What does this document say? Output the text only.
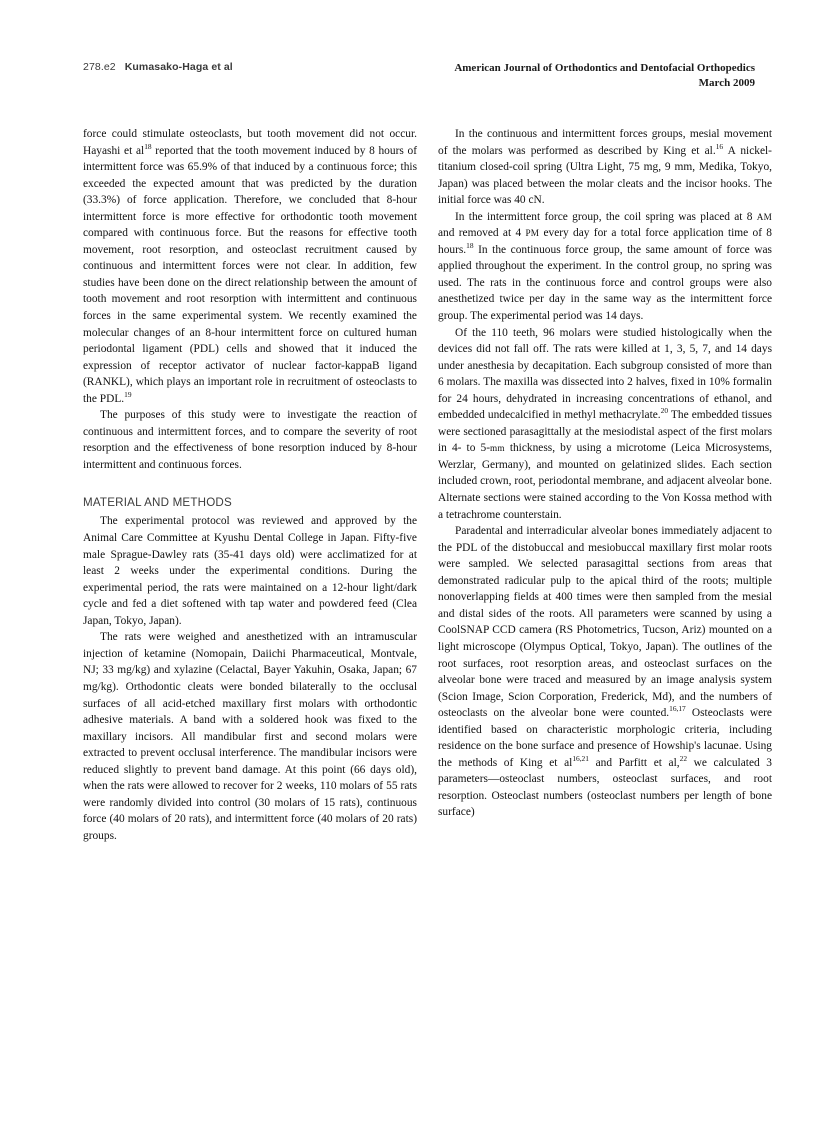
278.e2 Kumasako-Haga et al	American Journal of Orthodontics and Dentofacial Orthopedics
March 2009

force could stimulate osteoclasts, but tooth movement did not occur. Hayashi et al$^{18}$ reported that the tooth movement induced by 8 hours of intermittent force was 65.9% of that induced by a continuous force; this exceeded the expected amount that was predicted by the duration (33.3%) of force application. Therefore, we concluded that 8-hour intermittent force is more effective for orthodontic tooth movement compared with continuous force. But the reasons for effective tooth movement, root resorption, and osteoclast recruitment caused by continuous and intermittent forces were not clear. In addition, few studies have been done on the direct relationship between the amount of tooth movement and root resorption with intermittent and continuous forces in the same experimental system. We recently examined the molecular changes of an 8-hour intermittent force on cultured human periodontal ligament (PDL) cells and showed that it induced the expression of receptor activator of nuclear factor-kappaB ligand (RANKL), which plays an important role in recruitment of osteoclasts to the PDL.$^{19}$

The purposes of this study were to investigate the reaction of continuous and intermittent forces, and to compare the severity of root resorption and the effectiveness of bone resorption induced by 8-hour intermittent and continuous forces.

MATERIAL AND METHODS

The experimental protocol was reviewed and approved by the Animal Care Committee at Kyushu Dental College in Japan. Fifty-five male Sprague-Dawley rats (35-41 days old) were acclimatized for at least 2 weeks under the experimental conditions. During the experimental period, the rats were maintained on a 12-hour light/dark cycle and fed a diet softened with tap water and powdered feed (Clea Japan, Tokyo, Japan).

The rats were weighed and anesthetized with an intramuscular injection of ketamine (Nomopain, Daiichi Pharmaceutical, Montvale, NJ; 33 mg/kg) and xylazine (Celactal, Bayer Yakuhin, Osaka, Japan; 67 mg/kg). Orthodontic cleats were bonded bilaterally to the occlusal surfaces of all acid-etched maxillary first molars with orthodontic adhesive materials. A band with a soldered hook was fixed to the maxillary incisors. All mandibular first and second molars were extracted to prevent occlusal interference. The mandibular incisors were reduced slightly to prevent band damage. At this point (66 days old), when the rats were allowed to recover for 2 weeks, 110 molars of 55 rats were randomly divided into control (30 molars of 15 rats), continuous force (40 molars of 20 rats), and intermittent force (40 molars of 20 rats) groups.

In the continuous and intermittent forces groups, mesial movement of the molars was performed as described by King et al.$^{16}$ A nickel-titanium closed-coil spring (Ultra Light, 75 mg, 9 mm, Medika, Tokyo, Japan) was placed between the molar cleats and the incisor hooks. The initial force was 40 cN.

In the intermittent force group, the coil spring was placed at 8 AM and removed at 4 PM every day for a total force application time of 8 hours.$^{18}$ In the continuous force group, the same amount of force was applied throughout the experiment. In the control group, no spring was used. The rats in the continuous force and control groups were also anesthetized twice per day in the same way as the intermittent force group. The experimental period was 14 days.

Of the 110 teeth, 96 molars were studied histologically when the devices did not fall off. The rats were killed at 1, 3, 5, 7, and 14 days under anesthesia by decapitation. Each subgroup consisted of more than 6 molars. The maxilla was dissected into 2 halves, fixed in 10% formalin for 24 hours, dehydrated in increasing concentrations of ethanol, and embedded undecalcified in methyl methacrylate.$^{20}$ The embedded tissues were sectioned parasagittally at the mesiodistal aspect of the first molars in 4- to 5-mm thickness, by using a microtome (Leica Microsystems, Werzlar, Germany), and mounted on gelatinized slides. Each section included crown, root, periodontal membrane, and adjacent alveolar bone. Alternate sections were stained according to the Von Kossa method with a tetrachrome counterstain.

Paradental and interradicular alveolar bones immediately adjacent to the PDL of the distobuccal and mesiobuccal maxillary first molar roots were sampled. We selected parasagittal sections from areas that demonstrated radicular pulp to the apical third of the roots; multiple nonoverlapping fields at 400 times were then sampled from the mesial and distal sides of the roots. All parameters were scanned by using a CoolSNAP CCD camera (RS Photometrics, Tucson, Ariz) mounted on a light microscope (Olympus Optical, Tokyo, Japan). The outlines of the root surfaces, root resorption areas, and osteoclast surfaces on the alveolar bone were traced and measured by an image analysis system (Scion Image, Scion Corporation, Frederick, Md), and the numbers of osteoclasts on the alveolar bone were counted.$^{16,17}$ Osteoclasts were identified based on characteristic morphologic criteria, including residence on the bone surface and presence of Howship's lacunae. Using the methods of King et al$^{16,21}$ and Parfitt et al,$^{22}$ we calculated 3 parameters—osteoclast numbers, osteoclast surfaces, and root resorption. Osteoclast numbers (osteoclast numbers per length of bone surface)
